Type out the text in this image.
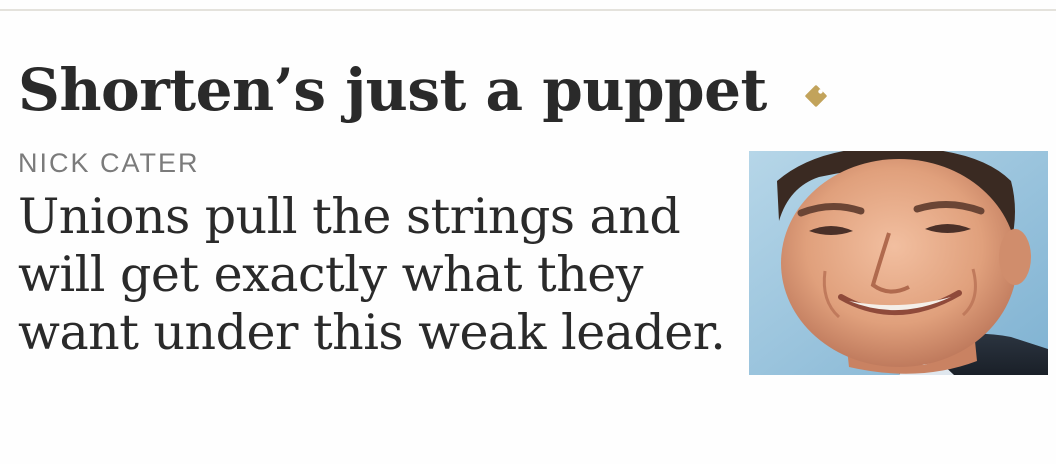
Shorten’s just a puppet
NICK CATER

Unions pull the strings and will get exactly what they want under this weak leader.
